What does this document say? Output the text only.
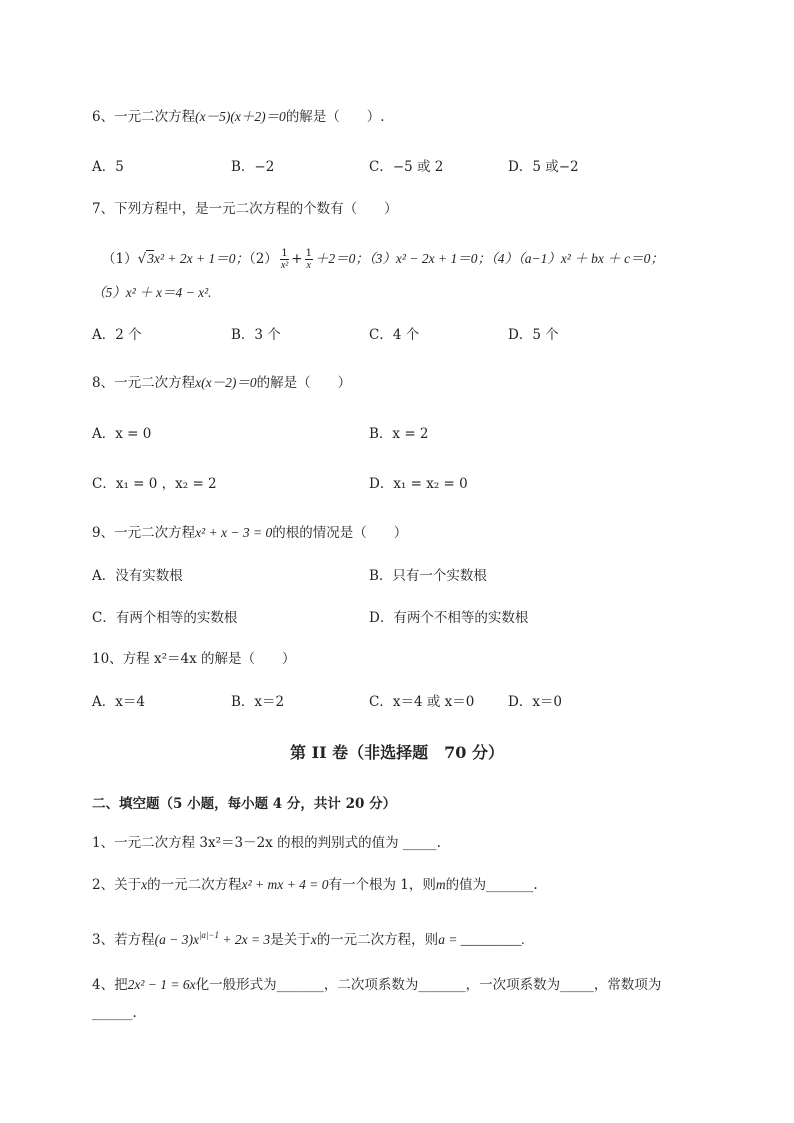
6、一元二次方程(x－5)(x＋2)＝0的解是（　　）.
A．5	B．−2	C．−5 或 2	D．5 或−2
7、下列方程中，是一元二次方程的个数有（　　）
（1）√3x² + 2x + 1＝0；$(2) \frac{1}{\text{x²}} + \frac{1}{x} +2=0$；（3）x² − 2x + 1＝0；（4）（a−1）x² ＋ bx ＋ c＝0；
（5）x² ＋ x＝4 − x².
A．2 个	B．3 个	C．4 个	D．5 个
8、一元二次方程x(x－2)＝0的解是（　　）
A．x = 0	B．x = 2
C．x₁ = 0 ，x₂ = 2	D．x₁ = x₂ = 0
9、一元二次方程x² + x − 3 = 0的根的情况是（　　）
A．没有实数根	B．只有一个实数根
C．有两个相等的实数根	D．有两个不相等的实数根
10、方程 x²＝4x 的解是（　　）
A．x＝4	B．x＝2	C．x＝4 或 x＝0 D．x＝0
第 II 卷（非选择题　70 分）
二、填空题（5 小题，每小题 4 分，共计 20 分）
1、一元二次方程 3x²＝3－2x 的根的判别式的值为 _____.
2、关于x的一元二次方程x² + mx + 4 = 0有一个根为 1，则m的值为_______.
3、若方程$(a - 3)x^{|a|-1} + 2x = 3$是关于x的一元二次方程，则a = _________.
4、把2x² − 1 = 6x化一般形式为_______，二次项系数为_______，一次项系数为_____，常数项为
______.
